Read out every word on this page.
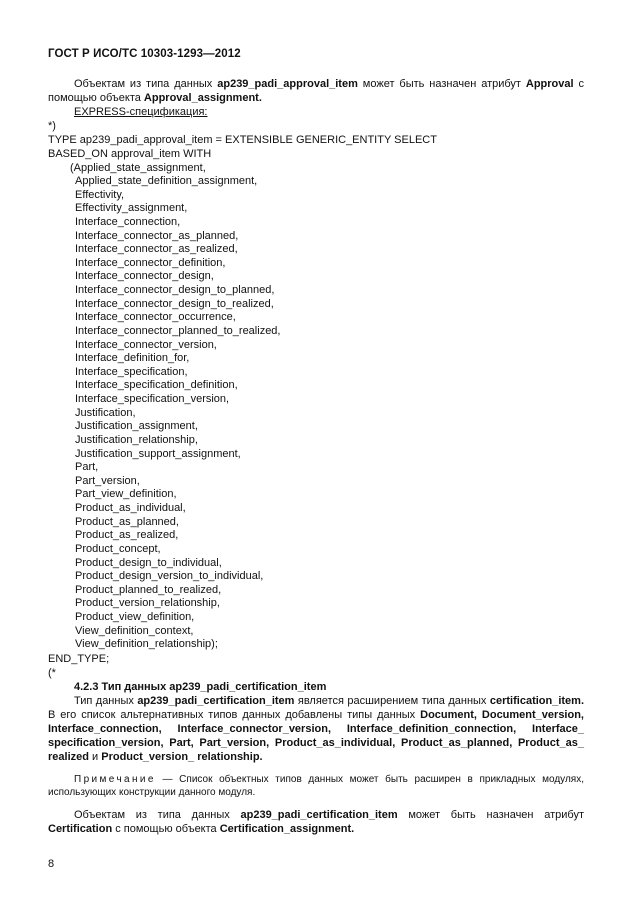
ГОСТ Р ИСО/ТС 10303-1293—2012

Объектам из типа данных ap239_padi_approval_item может быть назначен атрибут Approval с помощью объекта Approval_assignment.

EXPRESS-спецификация:

*)

TYPE ap239_padi_approval_item = EXTENSIBLE GENERIC_ENTITY SELECT

BASED_ON approval_item WITH

(Applied_state_assignment,

Applied_state_definition_assignment,

Effectivity,

Effectivity_assignment,

Interface_connection,

Interface_connector_as_planned,

Interface_connector_as_realized,

Interface_connector_definition,

Interface_connector_design,

Interface_connector_design_to_planned,

Interface_connector_design_to_realized,

Interface_connector_occurrence,

Interface_connector_planned_to_realized,

Interface_connector_version,

Interface_definition_for,

Interface_specification,

Interface_specification_definition,

Interface_specification_version,

Justification,

Justification_assignment,

Justification_relationship,

Justification_support_assignment,

Part,

Part_version,

Part_view_definition,

Product_as_individual,

Product_as_planned,

Product_as_realized,

Product_concept,

Product_design_to_individual,

Product_design_version_to_individual,

Product_planned_to_realized,

Product_version_relationship,

Product_view_definition,

View_definition_context,

View_definition_relationship);

END_TYPE;

(*

4.2.3 Тип данных ap239_padi_certification_item

Тип данных ap239_padi_certification_item является расширением типа данных certification_item. В его список альтернативных типов данных добавлены типы данных Document, Document_version, Interface_connection, Interface_connector_version, Interface_definition_connection, Interface_ specification_version, Part, Part_version, Product_as_individual, Product_as_planned, Product_as_ realized и Product_version_ relationship.

Примечание — Список объектных типов данных может быть расширен в прикладных модулях, использующих конструкции данного модуля.

Объектам из типа данных ap239_padi_certification_item может быть назначен атрибут Certification с помощью объекта Certification_assignment.

8
